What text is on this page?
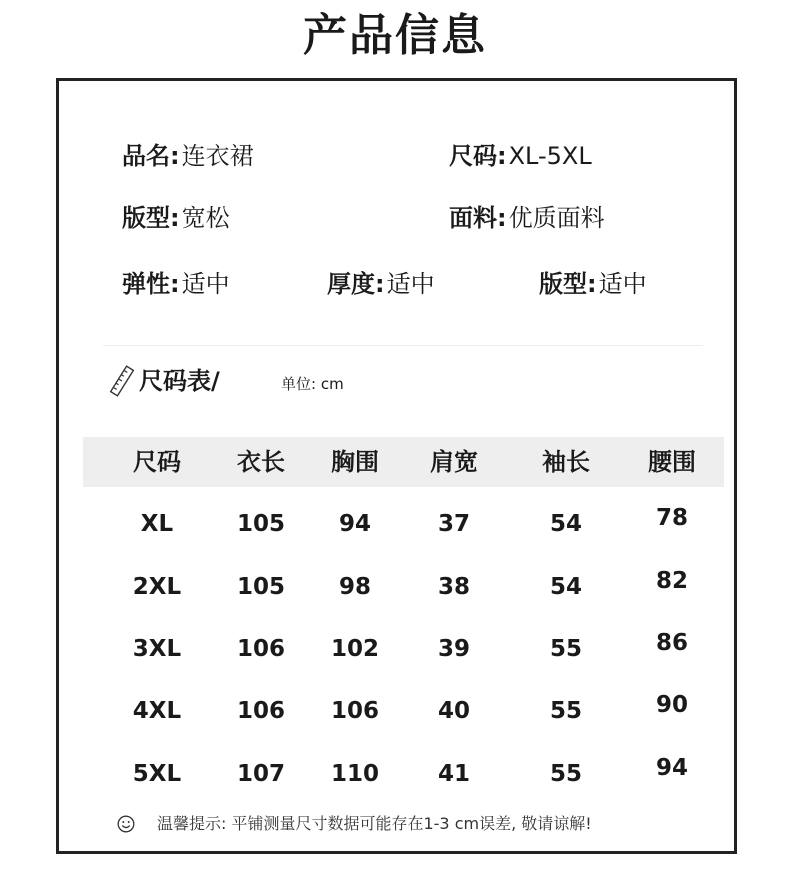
产品信息
品名:连衣裙	尺码:XL-5XL
版型:宽松	面料:优质面料
弹性:适中	厚度:适中	版型:适中
尺码表/	单位: cm
尺码	衣长	胸围	肩宽	袖长	腰围
XL	105	94	37	54	78
2XL	105	98	38	54	82
3XL	106	102	39	55	86
4XL	106	106	40	55	90
5XL	107	110	41	55	94
温馨提示: 平铺测量尺寸数据可能存在1-3 cm误差, 敬请谅解!
